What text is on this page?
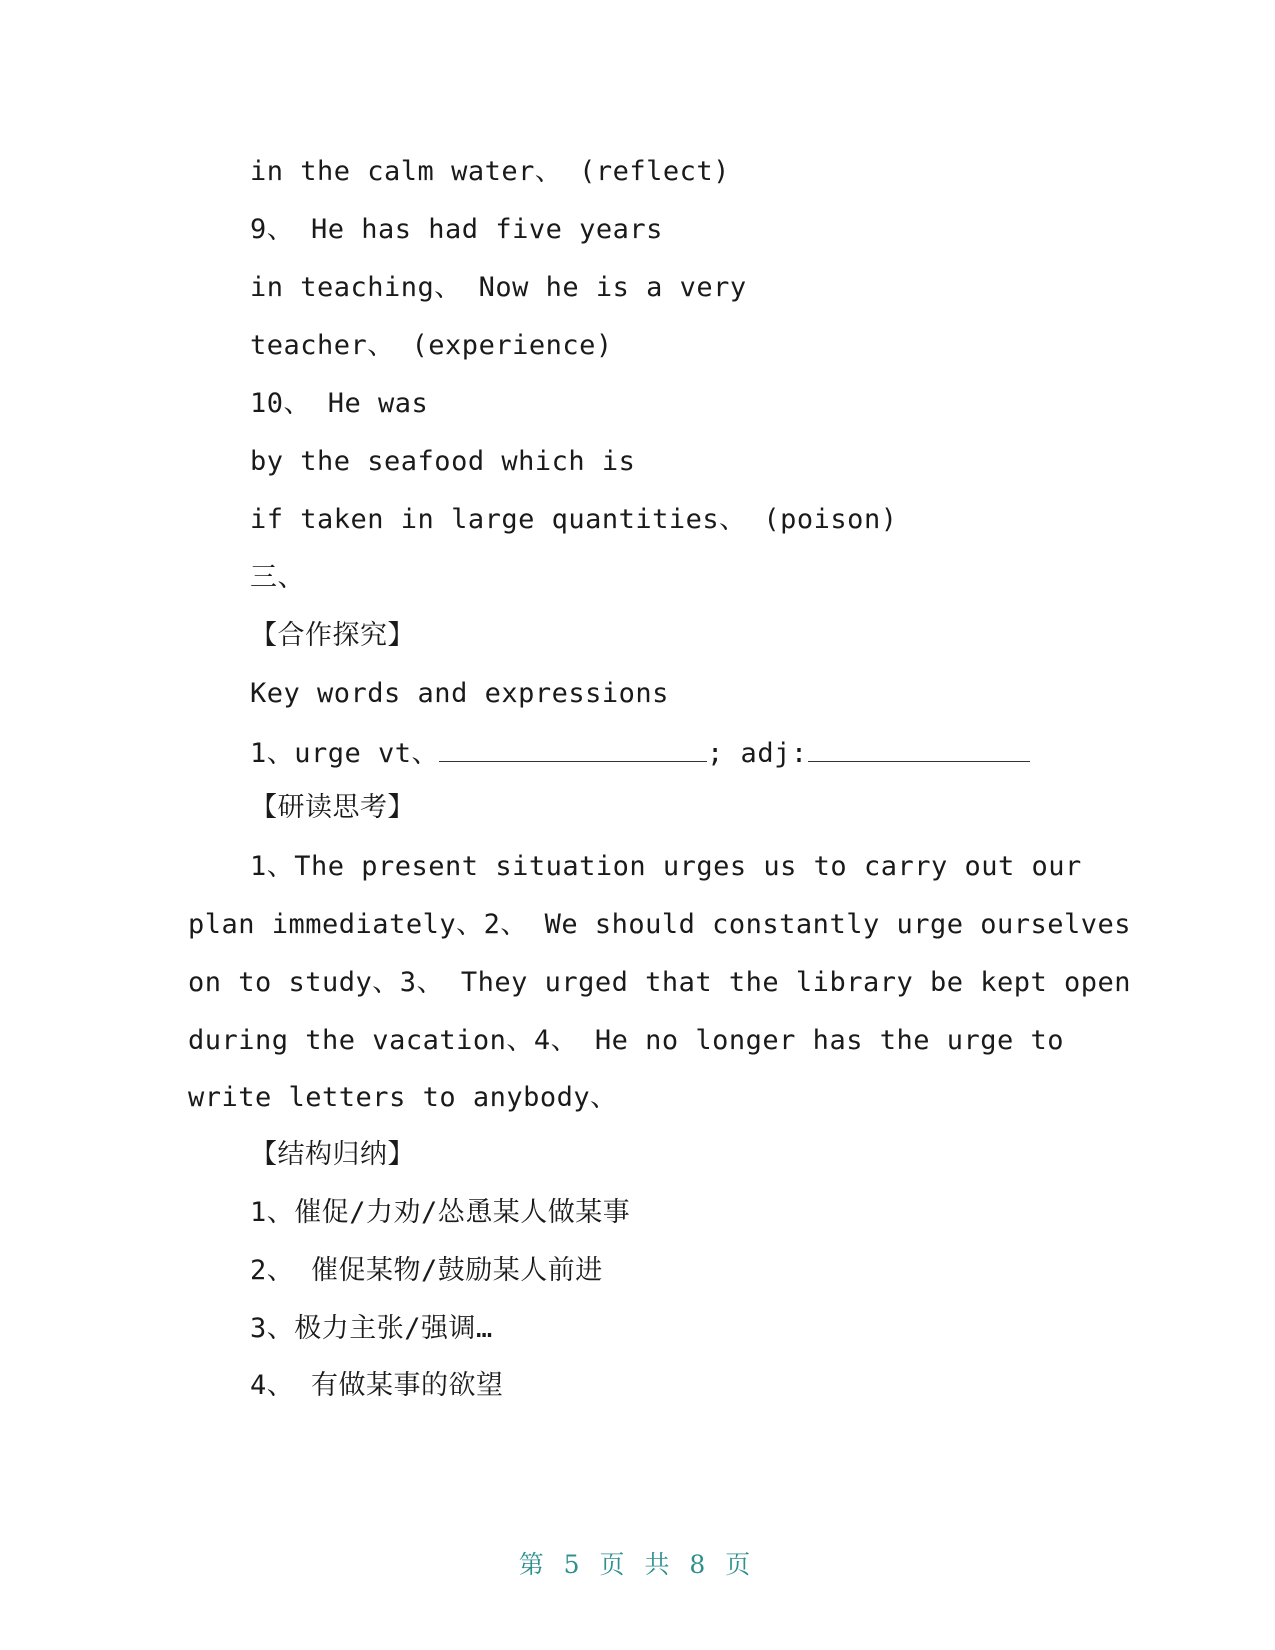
in the calm water、 (reflect)
9、 He has had five years
in teaching、 Now he is a very
teacher、 (experience)
10、 He was
by the seafood which is
if taken in large quantities、 (poison)
三、
【合作探究】
Key words and expressions
1、urge vt、	; adj:
【研读思考】
1、The present situation urges us to carry out our
plan immediately、2、 We should constantly urge ourselves
on to study、3、 They urged that the library be kept open
during the vacation、4、 He no longer has the urge to
write letters to anybody、
【结构归纳】
1、催促/力劝/怂恿某人做某事
2、 催促某物/鼓励某人前进
3、极力主张/强调…
4、 有做某事的欲望
第 5 页 共 8 页
